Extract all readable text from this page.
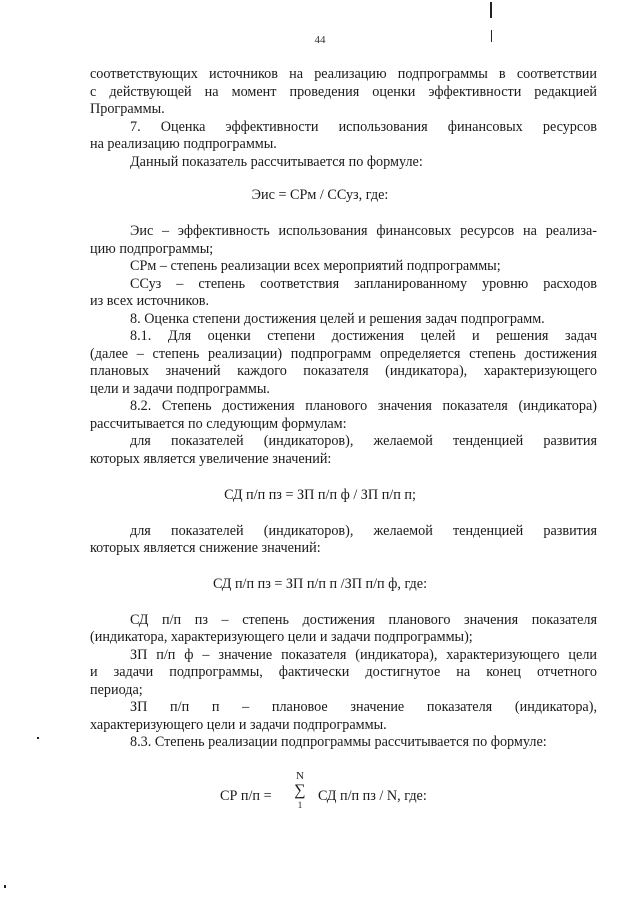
44
соответствующих источников на реализацию подпрограммы в соответствии
с действующей на момент проведения оценки эффективности редакцией
Программы.
7. Оценка эффективности использования финансовых ресурсов
на реализацию подпрограммы.
Данный показатель рассчитывается по формуле:
Эис = СРм / ССуз, где:
Эис – эффективность использования финансовых ресурсов на реализа-
цию подпрограммы;
СРм – степень реализации всех мероприятий подпрограммы;
ССуз – степень соответствия запланированному уровню расходов
из всех источников.
8. Оценка степени достижения целей и решения задач подпрограмм.
8.1. Для оценки степени достижения целей и решения задач
(далее – степень реализации) подпрограмм определяется степень достижения
плановых значений каждого показателя (индикатора), характеризующего
цели и задачи подпрограммы.
8.2. Степень достижения планового значения показателя (индикатора)
рассчитывается по следующим формулам:
для показателей (индикаторов), желаемой тенденцией развития
которых является увеличение значений:
СД п/п пз = ЗП п/п ф / ЗП п/п п;
для показателей (индикаторов), желаемой тенденцией развития
которых является снижение значений:
СД п/п пз = ЗП п/п п /ЗП п/п ф, где:
СД п/п пз – степень достижения планового значения показателя
(индикатора, характеризующего цели и задачи подпрограммы);
ЗП п/п ф – значение показателя (индикатора), характеризующего цели
и задачи подпрограммы, фактически достигнутое на конец отчетного
периода;
ЗП п/п п – плановое значение показателя (индикатора),
характеризующего цели и задачи подпрограммы.
8.3. Степень реализации подпрограммы рассчитывается по формуле:
СР п/п =
N
∑
1
СД п/п пз / N, где:
